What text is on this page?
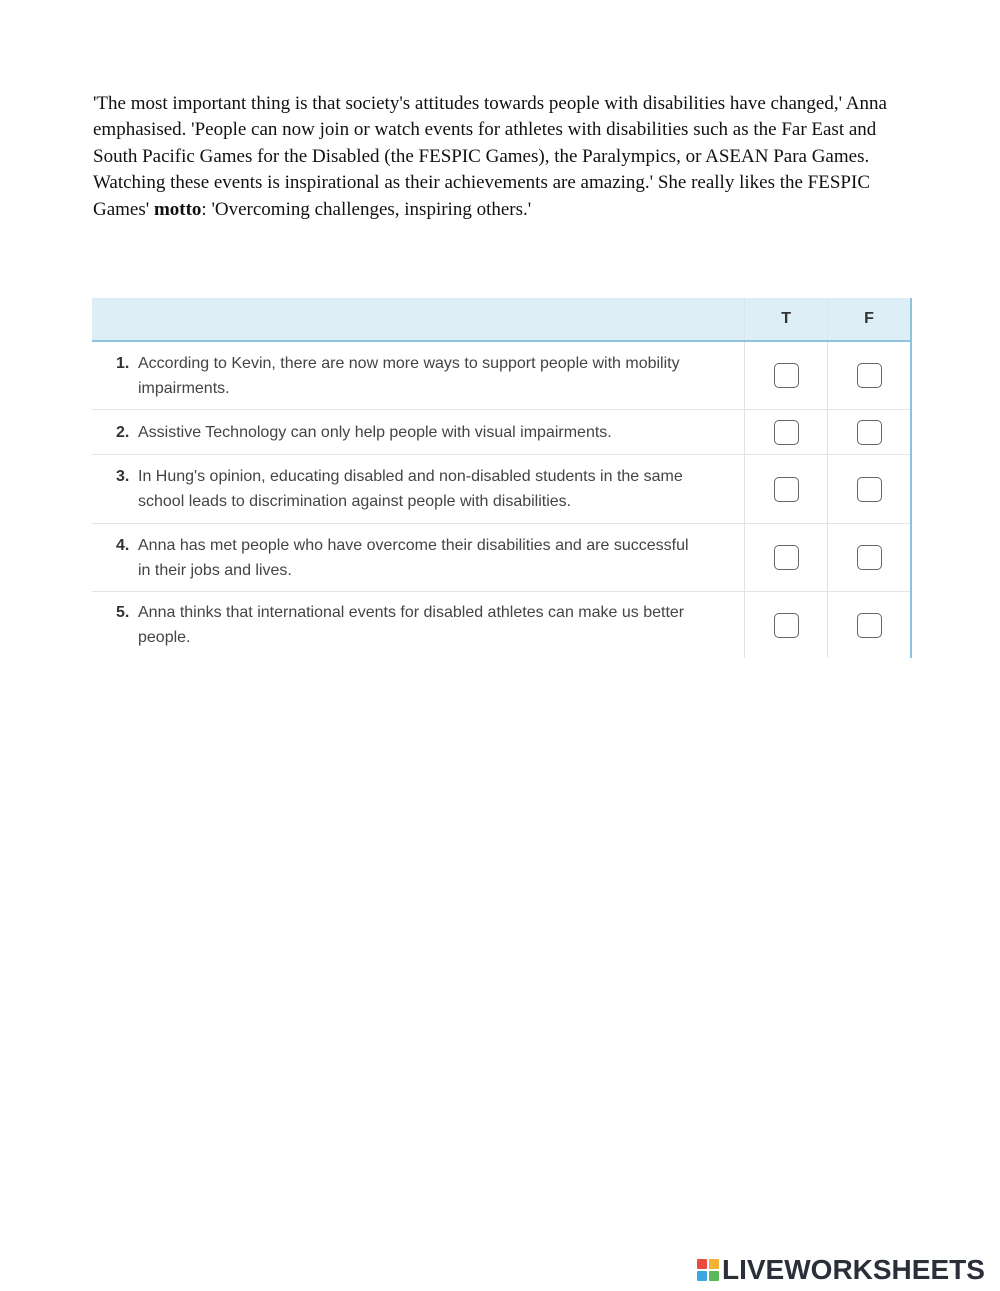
'The most important thing is that society's attitudes towards people with disabilities have changed,' Anna emphasised. 'People can now join or watch events for athletes with disabilities such as the Far East and South Pacific Games for the Disabled (the FESPIC Games), the Paralympics, or ASEAN Para Games. Watching these events is inspirational as their achievements are amazing.' She really likes the FESPIC Games' motto: 'Overcoming challenges, inspiring others.'

	T	F

1. According to Kevin, there are now more ways to support people with mobility impairments.		

2. Assistive Technology can only help people with visual impairments.		

3. In Hung's opinion, educating disabled and non-disabled students in the same school leads to discrimination against people with disabilities.		

4. Anna has met people who have overcome their disabilities and are successful in their jobs and lives.		

5. Anna thinks that international events for disabled athletes can make us better people.		

LIVEWORKSHEETS
